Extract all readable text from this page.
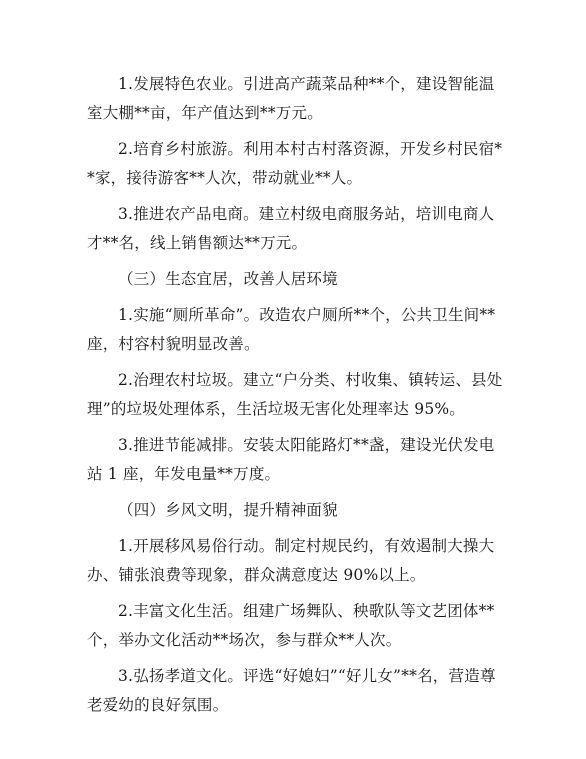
1.发展特色农业。引进高产蔬菜品种**个，建设智能温室大棚**亩，年产值达到**万元。

2.培育乡村旅游。利用本村古村落资源，开发乡村民宿**家，接待游客**人次，带动就业**人。

3.推进农产品电商。建立村级电商服务站，培训电商人才**名，线上销售额达**万元。

（三）生态宜居，改善人居环境

1.实施“厕所革命”。改造农户厕所**个，公共卫生间**座，村容村貌明显改善。

2.治理农村垃圾。建立“户分类、村收集、镇转运、县处理”的垃圾处理体系，生活垃圾无害化处理率达 95%。

3.推进节能减排。安装太阳能路灯**盏，建设光伏发电站 1 座，年发电量**万度。

（四）乡风文明，提升精神面貌

1.开展移风易俗行动。制定村规民约，有效遏制大操大办、铺张浪费等现象，群众满意度达 90%以上。

2.丰富文化生活。组建广场舞队、秧歌队等文艺团体**个，举办文化活动**场次，参与群众**人次。

3.弘扬孝道文化。评选“好媳妇”“好儿女”**名，营造尊老爱幼的良好氛围。
